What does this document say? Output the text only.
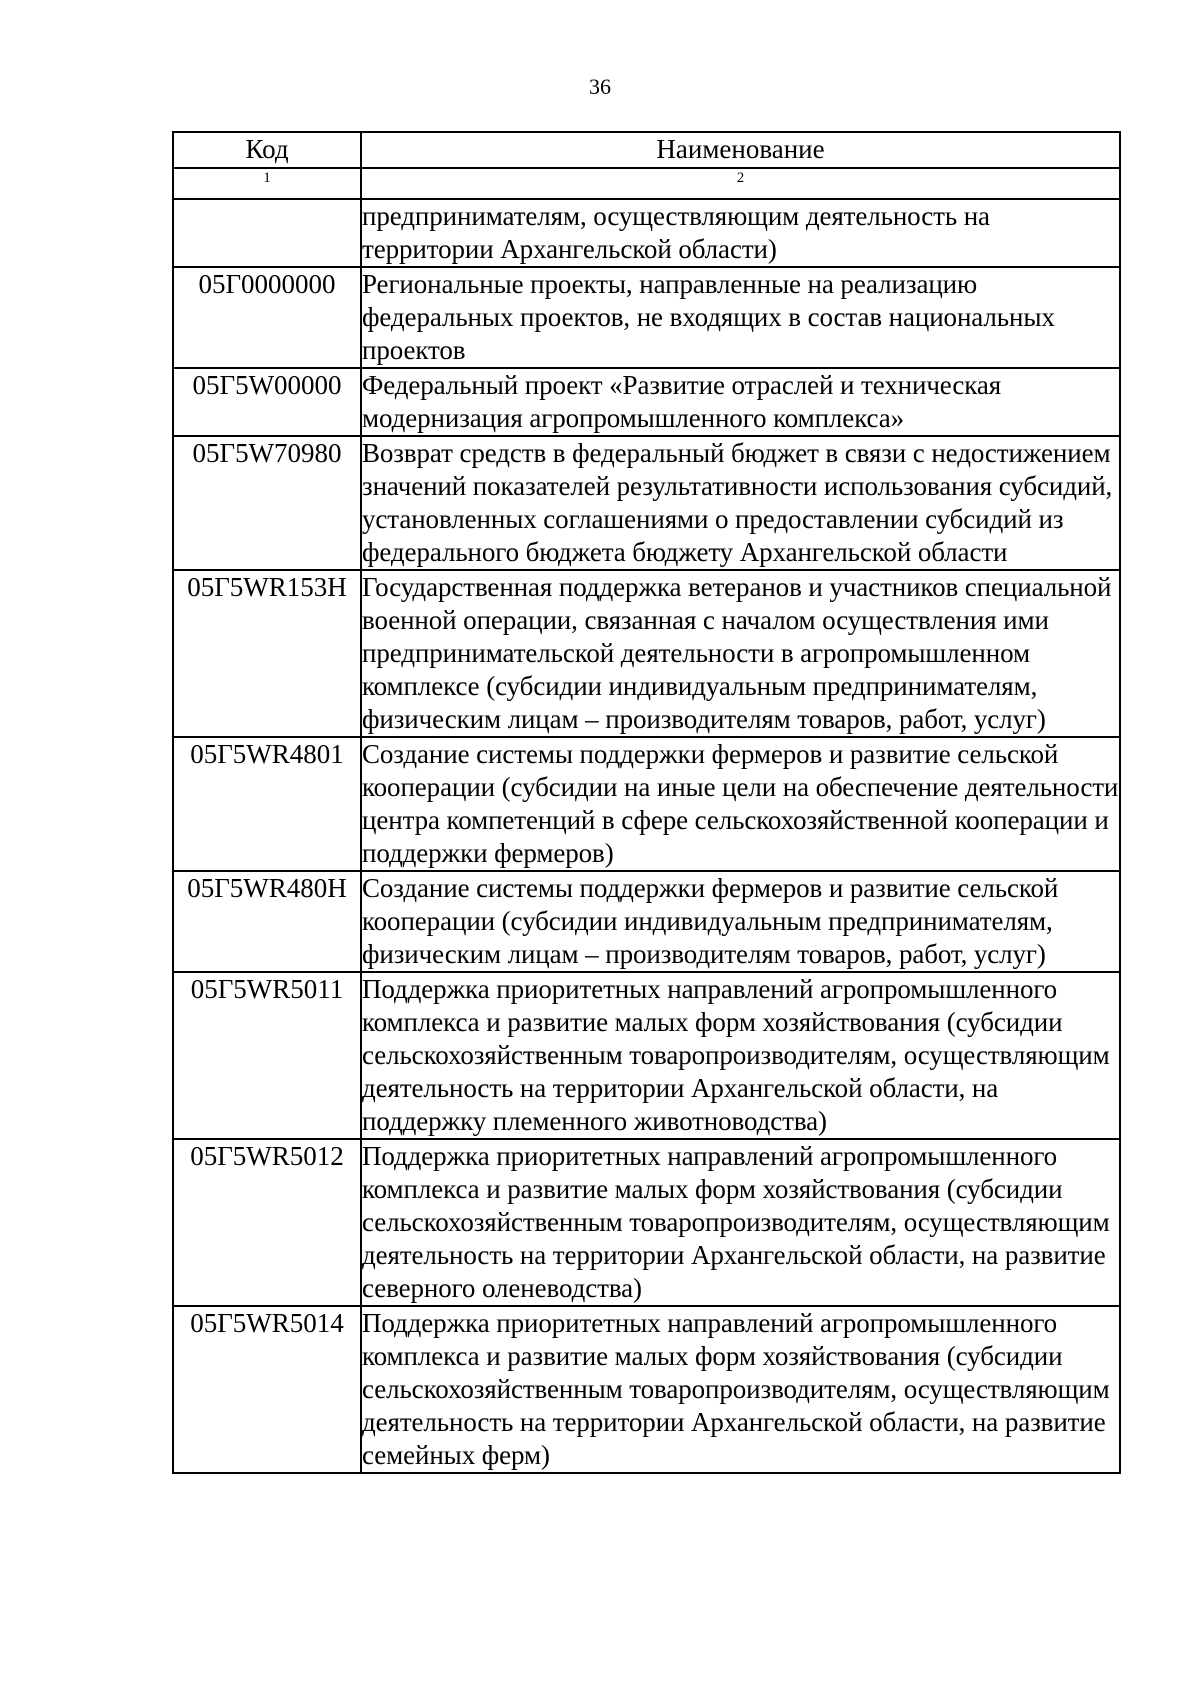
36
Код	Наименование
1	2
	предпринимателям, осуществляющим деятельность на территории Архангельской области)
05Г0000000	Региональные проекты, направленные на реализацию федеральных проектов, не входящих в состав национальных проектов
05Г5W00000	Федеральный проект «Развитие отраслей и техническая модернизация агропромышленного комплекса»
05Г5W70980	Возврат средств в федеральный бюджет в связи с недостижением значений показателей результативности использования субсидий, установленных соглашениями о предоставлении субсидий из федерального бюджета бюджету Архангельской области
05Г5WR153Н	Государственная поддержка ветеранов и участников специальной военной операции, связанная с началом осуществления ими предпринимательской деятельности в агропромышленном комплексе (субсидии индивидуальным предпринимателям, физическим лицам – производителям товаров, работ, услуг)
05Г5WR4801	Создание системы поддержки фермеров и развитие сельской кооперации (субсидии на иные цели на обеспечение деятельности центра компетенций в сфере сельскохозяйственной кооперации и поддержки фермеров)
05Г5WR480Н	Создание системы поддержки фермеров и развитие сельской кооперации (субсидии индивидуальным предпринимателям, физическим лицам – производителям товаров, работ, услуг)
05Г5WR5011	Поддержка приоритетных направлений агропромышленного комплекса и развитие малых форм хозяйствования (субсидии сельскохозяйственным товаропроизводителям, осуществляющим деятельность на территории Архангельской области, на поддержку племенного животноводства)
05Г5WR5012	Поддержка приоритетных направлений агропромышленного комплекса и развитие малых форм хозяйствования (субсидии сельскохозяйственным товаропроизводителям, осуществляющим деятельность на территории Архангельской области, на развитие северного оленеводства)
05Г5WR5014	Поддержка приоритетных направлений агропромышленного комплекса и развитие малых форм хозяйствования (субсидии сельскохозяйственным товаропроизводителям, осуществляющим деятельность на территории Архангельской области, на развитие семейных ферм)
